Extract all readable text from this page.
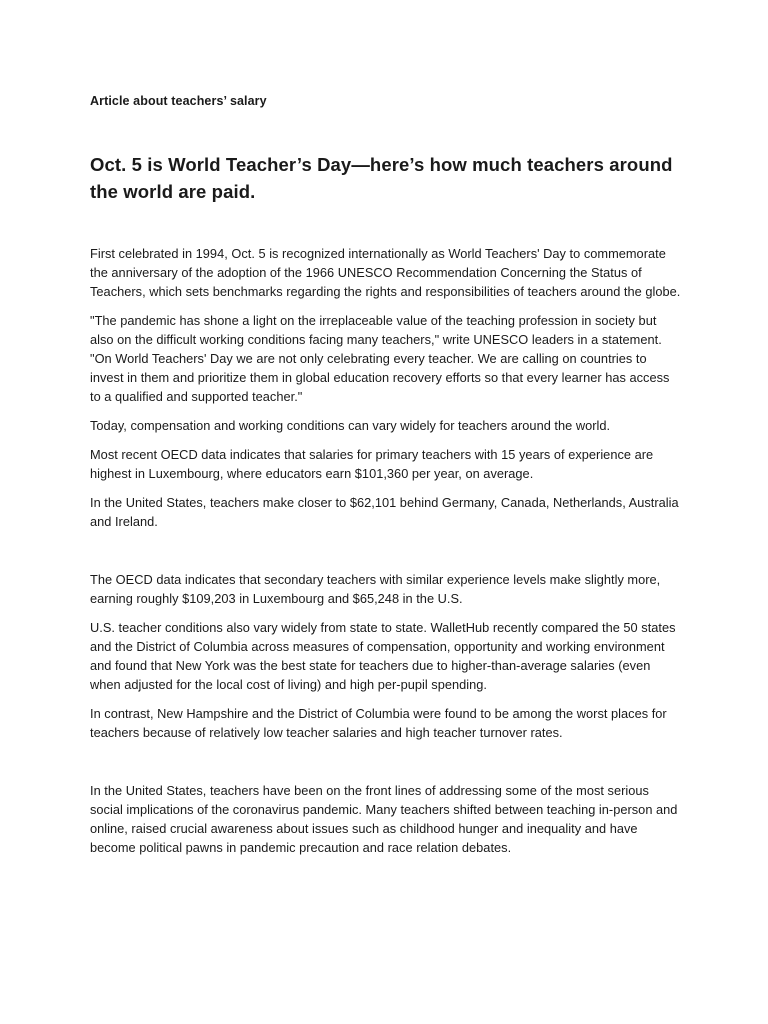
Article about teachers’ salary

Oct. 5 is World Teacher’s Day—here’s how much teachers around the world are paid.

First celebrated in 1994, Oct. 5 is recognized internationally as World Teachers' Day to commemorate the anniversary of the adoption of the 1966 UNESCO Recommendation Concerning the Status of Teachers, which sets benchmarks regarding the rights and responsibilities of teachers around the globe.

"The pandemic has shone a light on the irreplaceable value of the teaching profession in society but also on the difficult working conditions facing many teachers," write UNESCO leaders in a statement. "On World Teachers' Day we are not only celebrating every teacher. We are calling on countries to invest in them and prioritize them in global education recovery efforts so that every learner has access to a qualified and supported teacher."

Today, compensation and working conditions can vary widely for teachers around the world.

Most recent OECD data indicates that salaries for primary teachers with 15 years of experience are highest in Luxembourg, where educators earn $101,360 per year, on average.

In the United States, teachers make closer to $62,101 behind Germany, Canada, Netherlands, Australia and Ireland.

The OECD data indicates that secondary teachers with similar experience levels make slightly more, earning roughly $109,203 in Luxembourg and $65,248 in the U.S.

U.S. teacher conditions also vary widely from state to state. WalletHub recently compared the 50 states and the District of Columbia across measures of compensation, opportunity and working environment and found that New York was the best state for teachers due to higher-than-average salaries (even when adjusted for the local cost of living) and high per-pupil spending.

In contrast, New Hampshire and the District of Columbia were found to be among the worst places for teachers because of relatively low teacher salaries and high teacher turnover rates.

In the United States, teachers have been on the front lines of addressing some of the most serious social implications of the coronavirus pandemic. Many teachers shifted between teaching in-person and online, raised crucial awareness about issues such as childhood hunger and inequality and have become political pawns in pandemic precaution and race relation debates.
